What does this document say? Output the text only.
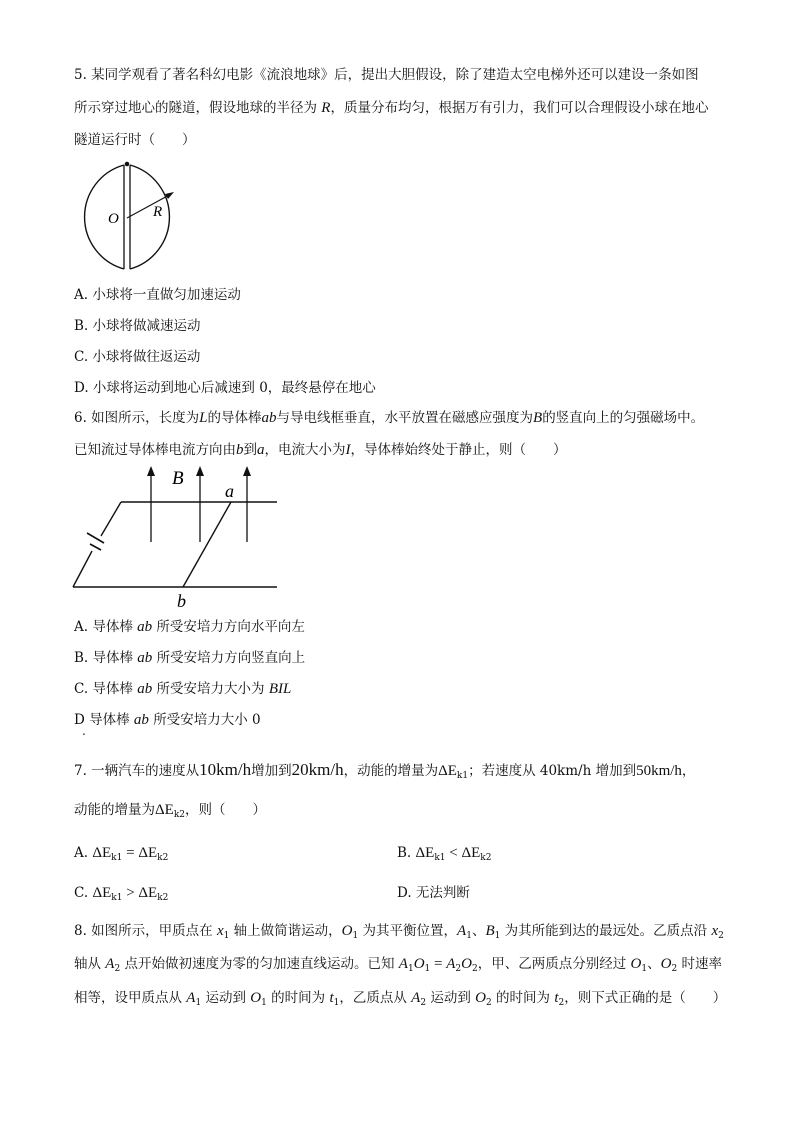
5. 某同学观看了著名科幻电影《流浪地球》后，提出大胆假设，除了建造太空电梯外还可以建设一条如图
所示穿过地心的隧道，假设地球的半径为 R，质量分布均匀，根据万有引力，我们可以合理假设小球在地心
隧道运行时（　　）
O R
A. 小球将一直做匀加速运动
B. 小球将做减速运动
C. 小球将做往返运动
D. 小球将运动到地心后减速到 0，最终悬停在地心
6. 如图所示，长度为L的导体棒ab与导电线框垂直，水平放置在磁感应强度为B的竖直向上的匀强磁场中。
已知流过导体棒电流方向由b到a，电流大小为I，导体棒始终处于静止，则（　　）
B
a
b
A. 导体棒 ab 所受安培力方向水平向左
B. 导体棒 ab 所受安培力方向竖直向上
C. 导体棒 ab 所受安培力大小为 BIL
D 导体棒 ab 所受安培力大小 0
.
7. 一辆汽车的速度从10km/h增加到20km/h，动能的增量为$\Delta E_{k1}$；若速度从 40km/h 增加到50km/h，
动能的增量为$\Delta E_{k2}$，则（　　）
A. $\Delta E_{k1} = \Delta E_{k2}$	B. $\Delta E_{k1} < \Delta E_{k2}$
C. $\Delta E_{k1} > \Delta E_{k2}$	D. 无法判断
8. 如图所示，甲质点在 $x_1$ 轴上做简谐运动，$O_1$ 为其平衡位置，$A_1$、$B_1$ 为其所能到达的最远处。乙质点沿 $x_2$
轴从 $A_2$ 点开始做初速度为零的匀加速直线运动。已知 $A_1O_1 = A_2O_2$，甲、乙两质点分别经过 $O_1$、$O_2$ 时速率
相等，设甲质点从 $A_1$ 运动到 $O_1$ 的时间为 $t_1$，乙质点从 $A_2$ 运动到 $O_2$ 的时间为 $t_2$，则下式正确的是（　　）
